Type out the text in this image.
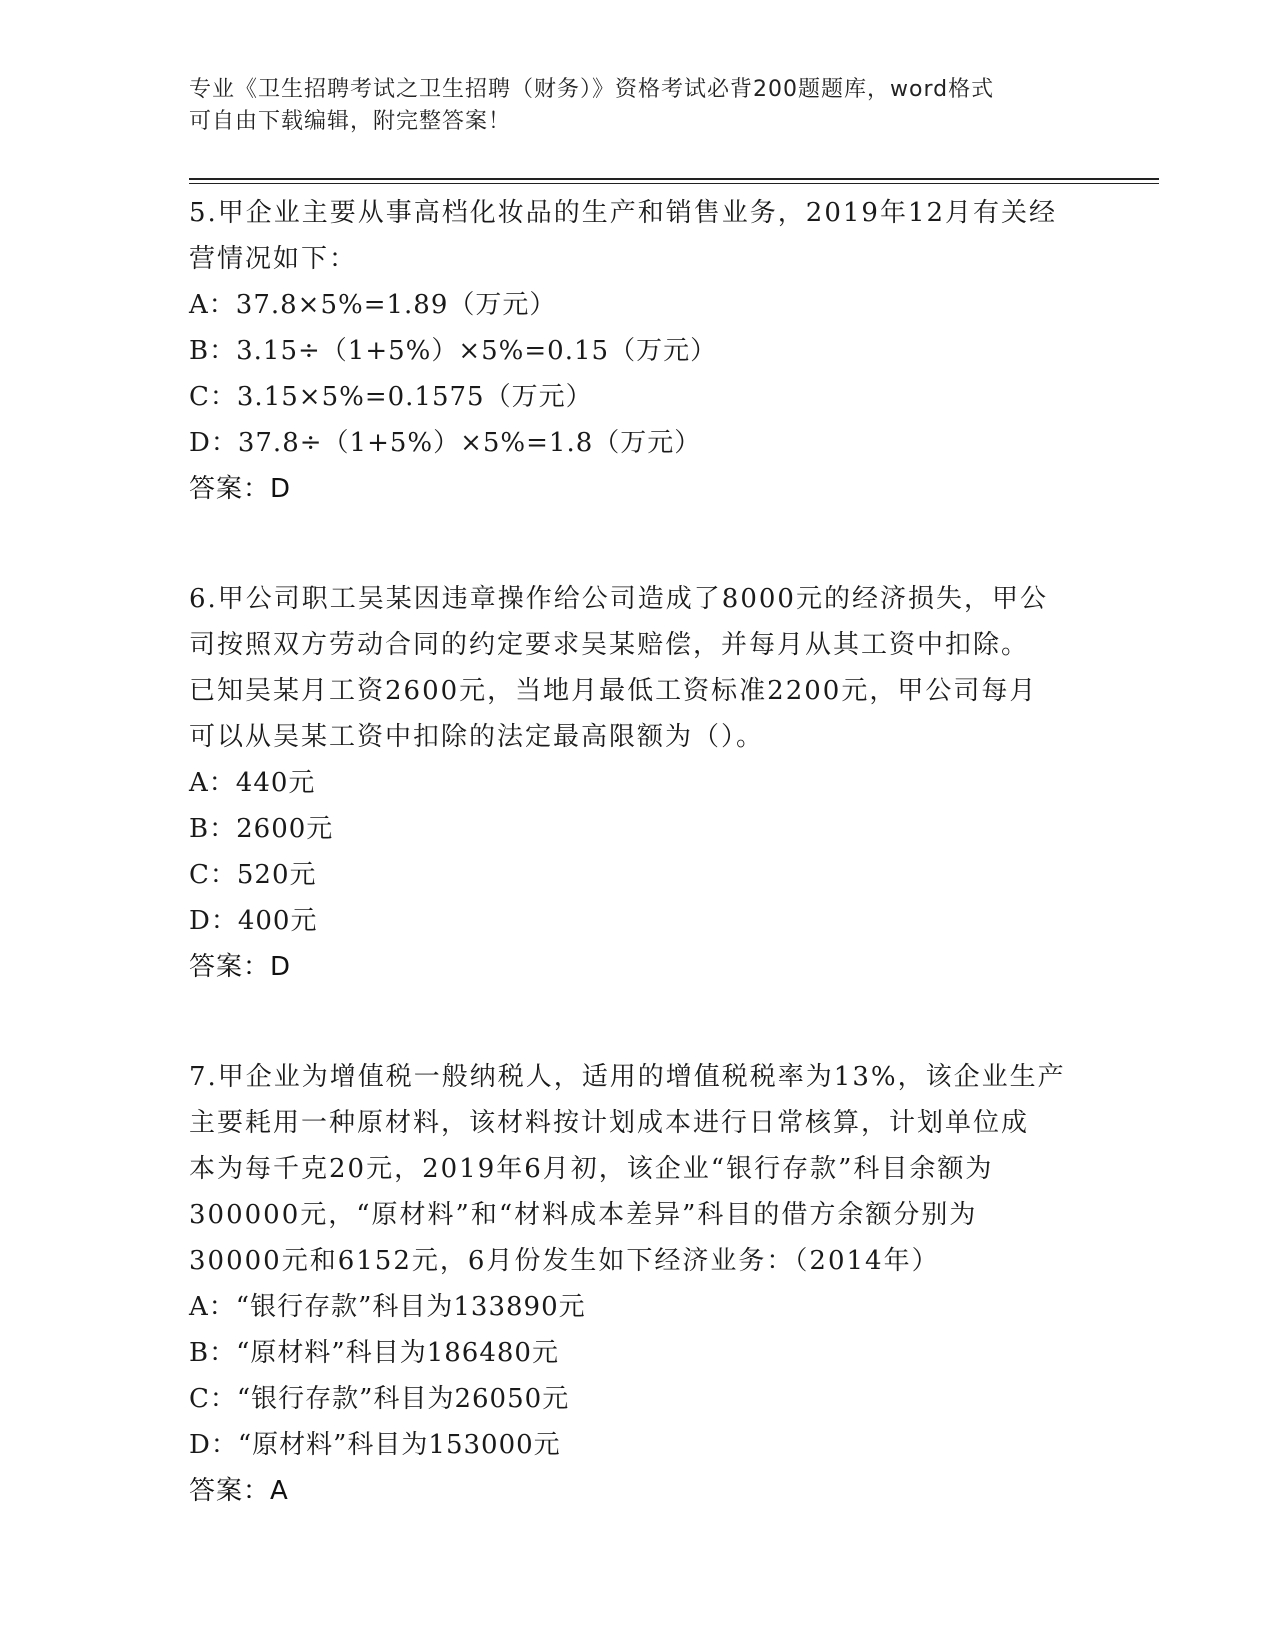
专业《卫生招聘考试之卫生招聘（财务）》资格考试必背200题题库，word格式

可自由下载编辑，附完整答案！

5.甲企业主要从事高档化妆品的生产和销售业务，2019年12月有关经

营情况如下：

A：37.8×5%=1.89（万元）

B：3.15÷（1+5%）×5%=0.15（万元）

C：3.15×5%=0.1575（万元）

D：37.8÷（1+5%）×5%=1.8（万元）

答案：D

6.甲公司职工吴某因违章操作给公司造成了8000元的经济损失，甲公

司按照双方劳动合同的约定要求吴某赔偿，并每月从其工资中扣除。

已知吴某月工资2600元，当地月最低工资标准2200元，甲公司每月

可以从吴某工资中扣除的法定最高限额为（）。

A：440元

B：2600元

C：520元

D：400元

答案：D

7.甲企业为增值税一般纳税人，适用的增值税税率为13%，该企业生产

主要耗用一种原材料，该材料按计划成本进行日常核算，计划单位成

本为每千克20元，2019年6月初，该企业“银行存款”科目余额为

300000元，“原材料”和“材料成本差异”科目的借方余额分别为

30000元和6152元，6月份发生如下经济业务：（2014年）

A：“银行存款”科目为133890元

B：“原材料”科目为186480元

C：“银行存款”科目为26050元

D：“原材料”科目为153000元

答案：A
